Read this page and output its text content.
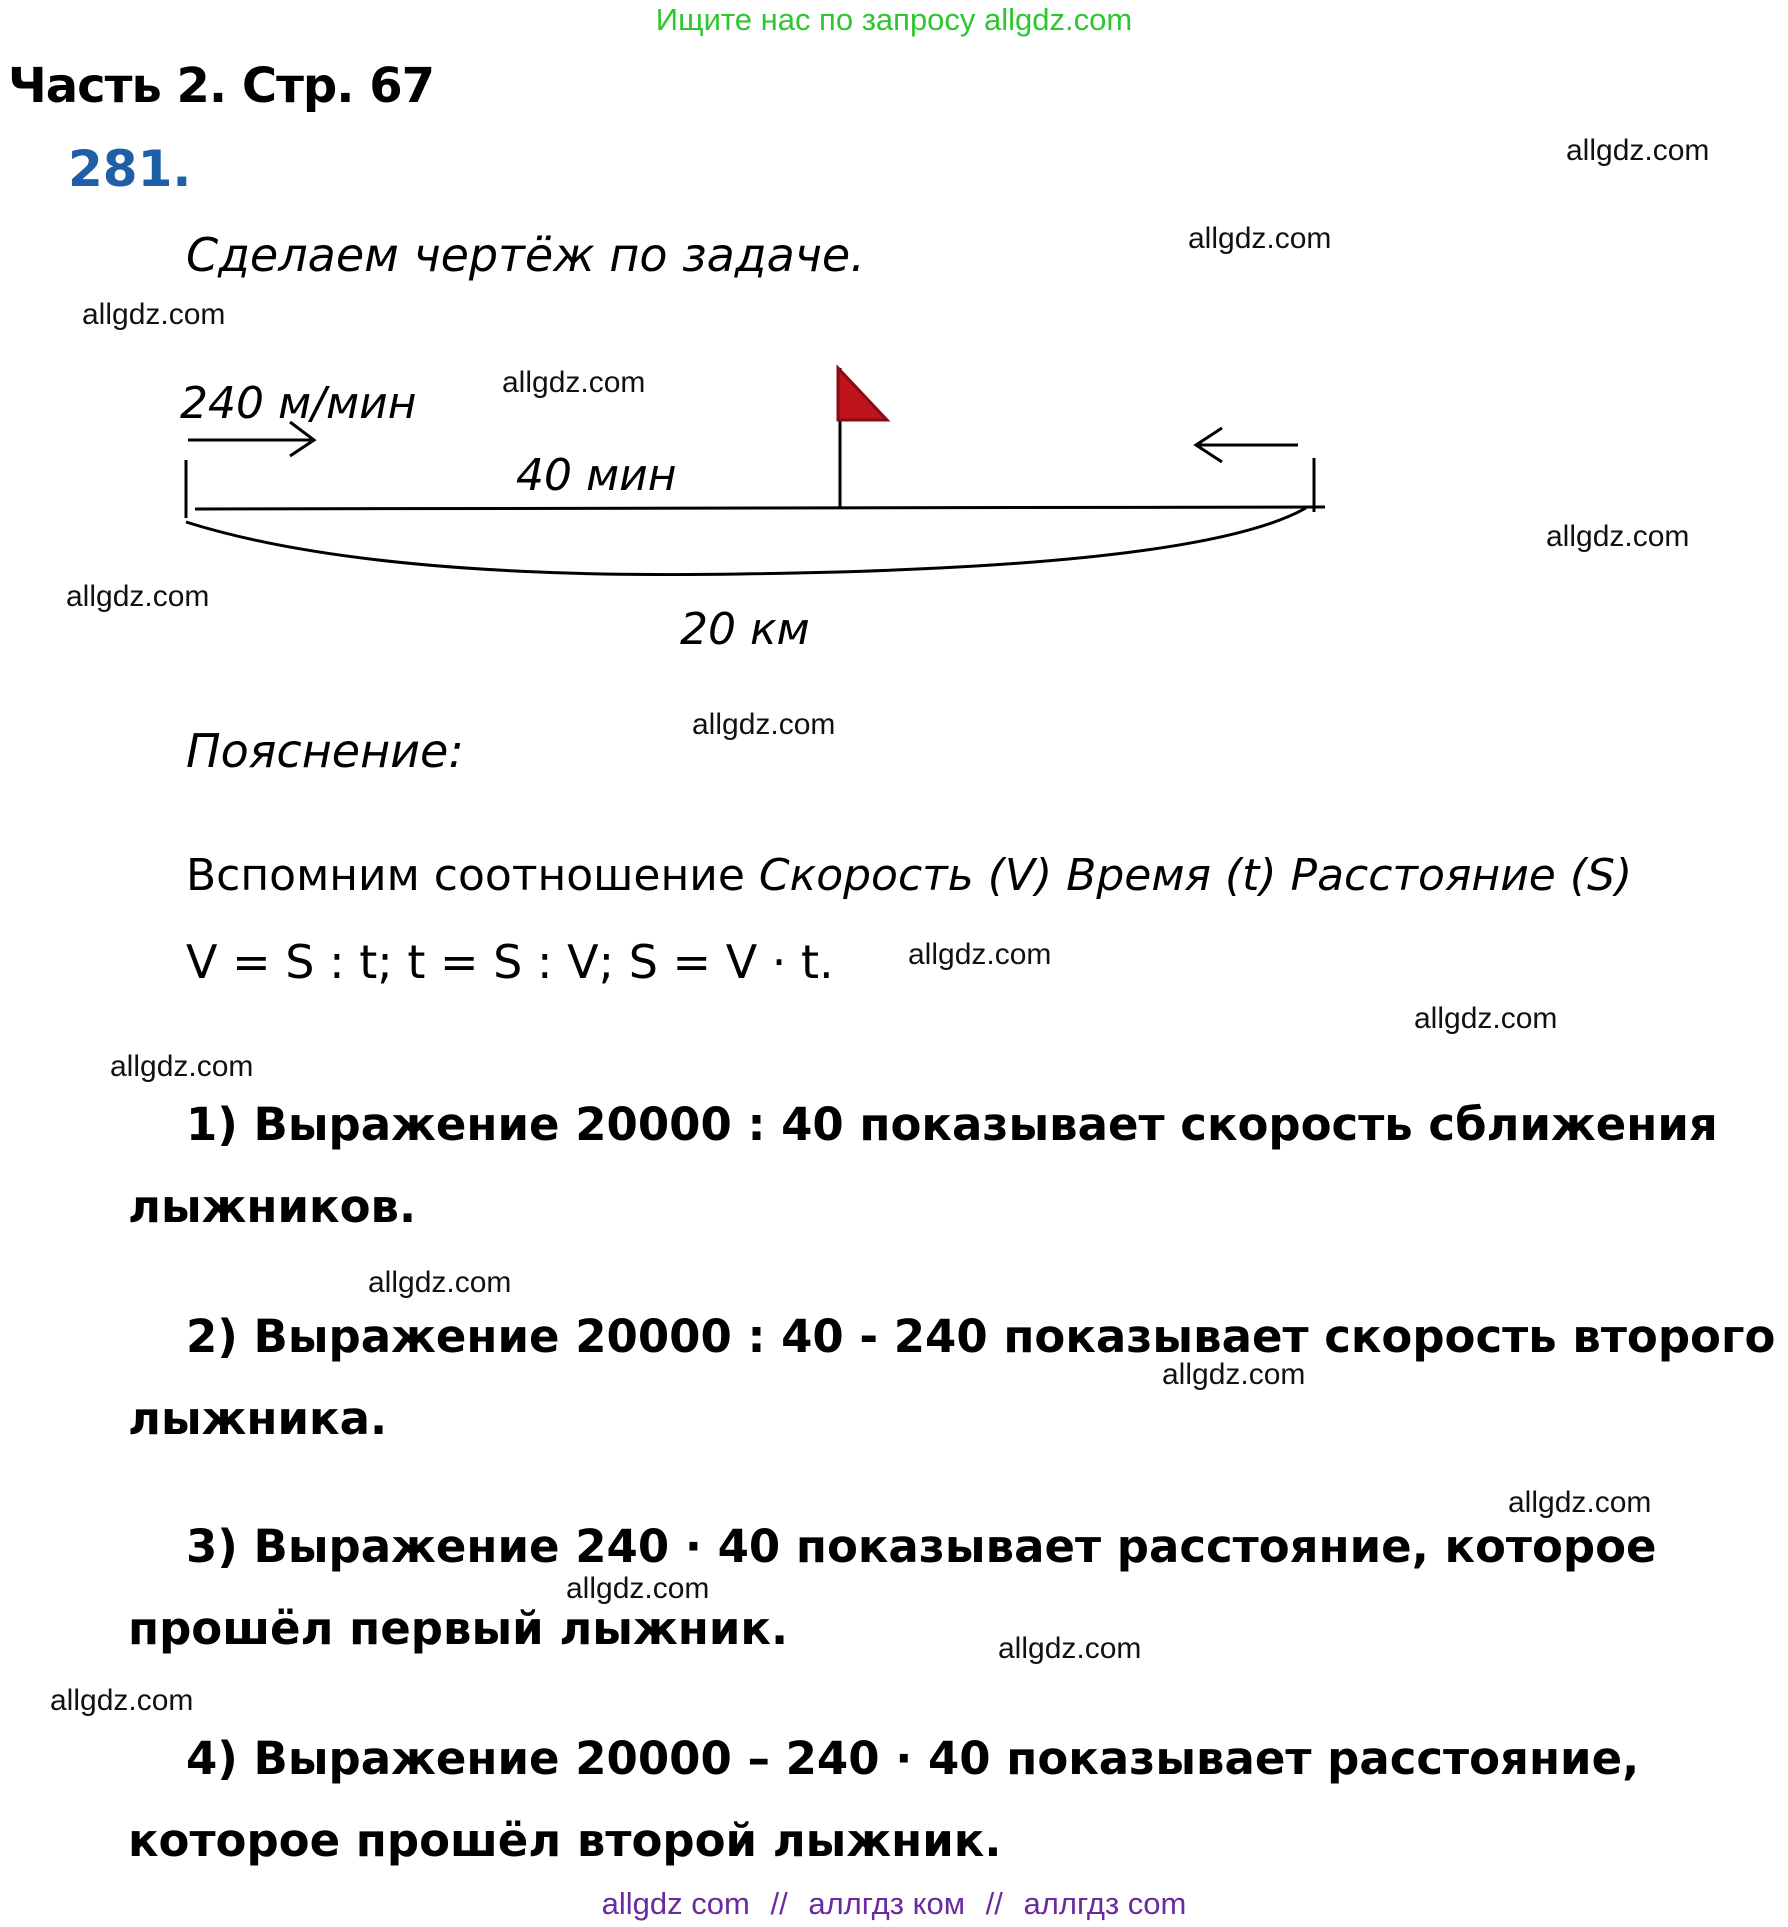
Ищите нас по запросу allgdz.com
Часть 2. Стр. 67
281.
Сделаем чертёж по задаче.
240 м/мин
40 мин
20 км
Пояснение:
Вспомним соотношение Скорость (V) Время (t) Расстояние (S)
V = S : t; t = S : V; S = V · t.
1) Выражение 20000 : 40 показывает скорость сближения
лыжников.
2) Выражение 20000 : 40 - 240 показывает скорость второго
лыжника.
3) Выражение 240 · 40 показывает расстояние, которое
прошёл первый лыжник.
4) Выражение 20000 – 240 · 40 показывает расстояние,
которое прошёл второй лыжник.
allgdz.com
allgdz.com
allgdz.com
allgdz.com
allgdz.com
allgdz.com
allgdz.com
allgdz.com
allgdz.com
allgdz.com
allgdz.com
allgdz.com
allgdz.com
allgdz.com
allgdz.com
allgdz.com
allgdz com // аллгдз ком // аллгдз com
